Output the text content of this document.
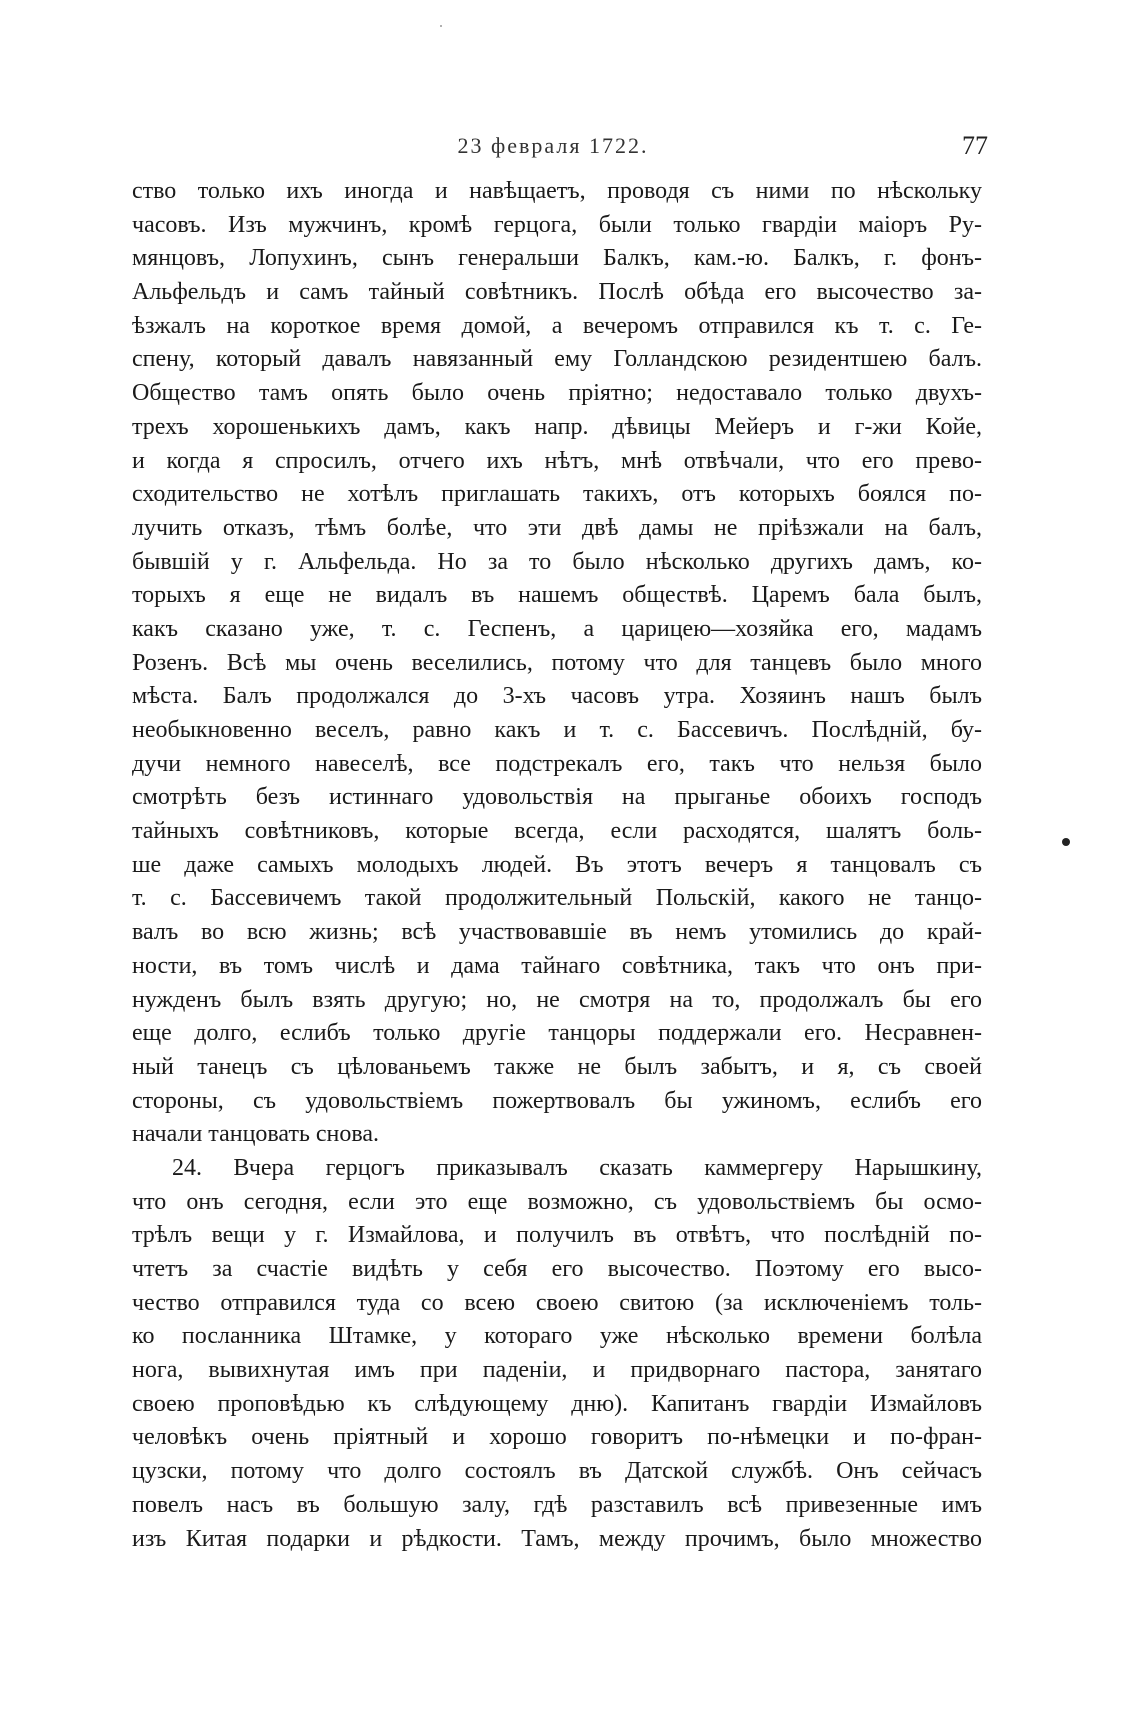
23 февраля 1722.	77
ство только ихъ иногда и навѣщаетъ, проводя съ ними по нѣскольку
часовъ. Изъ мужчинъ, кромѣ герцога, были только гвардіи маіоръ Ру-
мянцовъ, Лопухинъ, сынъ генеральши Балкъ, кам.-ю. Балкъ, г. фонъ-
Альфельдъ и самъ тайный совѣтникъ. Послѣ обѣда его высочество за-
ѣзжалъ на короткое время домой, а вечеромъ отправился къ т. с. Ге-
спену, который давалъ навязанный ему Голландскою резидентшею балъ.
Общество тамъ опять было очень пріятно; недоставало только двухъ-
трехъ хорошенькихъ дамъ, какъ напр. дѣвицы Мейеръ и г-жи Койе,
и когда я спросилъ, отчего ихъ нѣтъ, мнѣ отвѣчали, что его прево-
сходительство не хотѣлъ приглашать такихъ, отъ которыхъ боялся по-
лучить отказъ, тѣмъ болѣе, что эти двѣ дамы не пріѣзжали на балъ,
бывшій у г. Альфельда. Но за то было нѣсколько другихъ дамъ, ко-
торыхъ я еще не видалъ въ нашемъ обществѣ. Царемъ бала былъ,
какъ сказано уже, т. с. Геспенъ, а царицею—хозяйка его, мадамъ
Розенъ. Всѣ мы очень веселились, потому что для танцевъ было много
мѣста. Балъ продолжался до 3-хъ часовъ утра. Хозяинъ нашъ былъ
необыкновенно веселъ, равно какъ и т. с. Бассевичъ. Послѣдній, бу-
дучи немного навеселѣ, все подстрекалъ его, такъ что нельзя было
смотрѣть безъ истиннаго удовольствія на прыганье обоихъ господъ
тайныхъ совѣтниковъ, которые всегда, если расходятся, шалятъ боль-
ше даже самыхъ молодыхъ людей. Въ этотъ вечеръ я танцовалъ съ
т. с. Бассевичемъ такой продолжительный Польскій, какого не танцо-
валъ во всю жизнь; всѣ участвовавшіе въ немъ утомились до край-
ности, въ томъ числѣ и дама тайнаго совѣтника, такъ что онъ при-
нужденъ былъ взять другую; но, не смотря на то, продолжалъ бы его
еще долго, еслибъ только другіе танцоры поддержали его. Несравнен-
ный танецъ съ цѣлованьемъ также не былъ забытъ, и я, съ своей
стороны, съ удовольствіемъ пожертвовалъ бы ужиномъ, еслибъ его
начали танцовать снова.
24. Вчера герцогъ приказывалъ сказать каммергеру Нарышкину,
что онъ сегодня, если это еще возможно, съ удовольствіемъ бы осмо-
трѣлъ вещи у г. Измайлова, и получилъ въ отвѣтъ, что послѣдній по-
чтетъ за счастіе видѣть у себя его высочество. Поэтому его высо-
чество отправился туда со всею своею свитою (за исключеніемъ толь-
ко посланника Штамке, у котораго уже нѣсколько времени болѣла
нога, вывихнутая имъ при паденіи, и придворнаго пастора, занятаго
своею проповѣдью къ слѣдующему дню). Капитанъ гвардіи Измайловъ
человѣкъ очень пріятный и хорошо говоритъ по-нѣмецки и по-фран-
цузски, потому что долго состоялъ въ Датской службѣ. Онъ сейчасъ
повелъ насъ въ большую залу, гдѣ разставилъ всѣ привезенные имъ
изъ Китая подарки и рѣдкости. Тамъ, между прочимъ, было множество
